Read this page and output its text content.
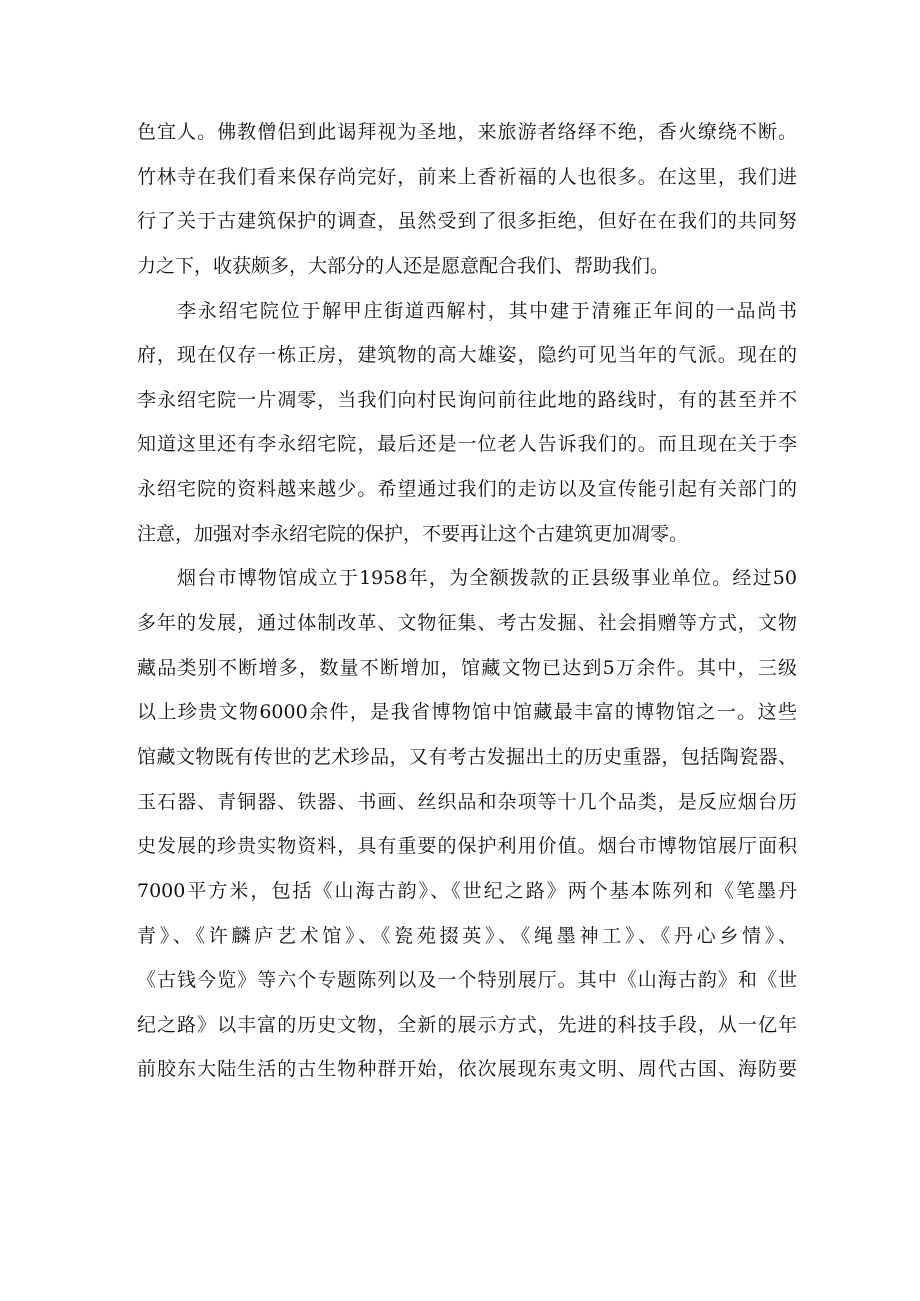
色宜人。佛教僧侣到此谒拜视为圣地，来旅游者络绎不绝，香火缭绕不断。
竹林寺在我们看来保存尚完好，前来上香祈福的人也很多。在这里，我们进
行了关于古建筑保护的调查，虽然受到了很多拒绝，但好在在我们的共同努
力之下，收获颇多，大部分的人还是愿意配合我们、帮助我们。
李永绍宅院位于解甲庄街道西解村，其中建于清雍正年间的一品尚书
府，现在仅存一栋正房，建筑物的高大雄姿，隐约可见当年的气派。现在的
李永绍宅院一片凋零，当我们向村民询问前往此地的路线时，有的甚至并不
知道这里还有李永绍宅院，最后还是一位老人告诉我们的。而且现在关于李
永绍宅院的资料越来越少。希望通过我们的走访以及宣传能引起有关部门的
注意，加强对李永绍宅院的保护，不要再让这个古建筑更加凋零。
烟台市博物馆成立于1958年，为全额拨款的正县级事业单位。经过50
多年的发展，通过体制改革、文物征集、考古发掘、社会捐赠等方式，文物
藏品类别不断增多，数量不断增加，馆藏文物已达到5万余件。其中，三级
以上珍贵文物6000余件，是我省博物馆中馆藏最丰富的博物馆之一。这些
馆藏文物既有传世的艺术珍品，又有考古发掘出土的历史重器，包括陶瓷器、
玉石器、青铜器、铁器、书画、丝织品和杂项等十几个品类，是反应烟台历
史发展的珍贵实物资料，具有重要的保护利用价值。烟台市博物馆展厅面积
7000平方米，包括《山海古韵》、《世纪之路》两个基本陈列和《笔墨丹
青》、《许麟庐艺术馆》、《瓷苑掇英》、《绳墨神工》、《丹心乡情》、
《古钱今览》等六个专题陈列以及一个特别展厅。其中《山海古韵》和《世
纪之路》以丰富的历史文物，全新的展示方式，先进的科技手段，从一亿年
前胶东大陆生活的古生物种群开始，依次展现东夷文明、周代古国、海防要
